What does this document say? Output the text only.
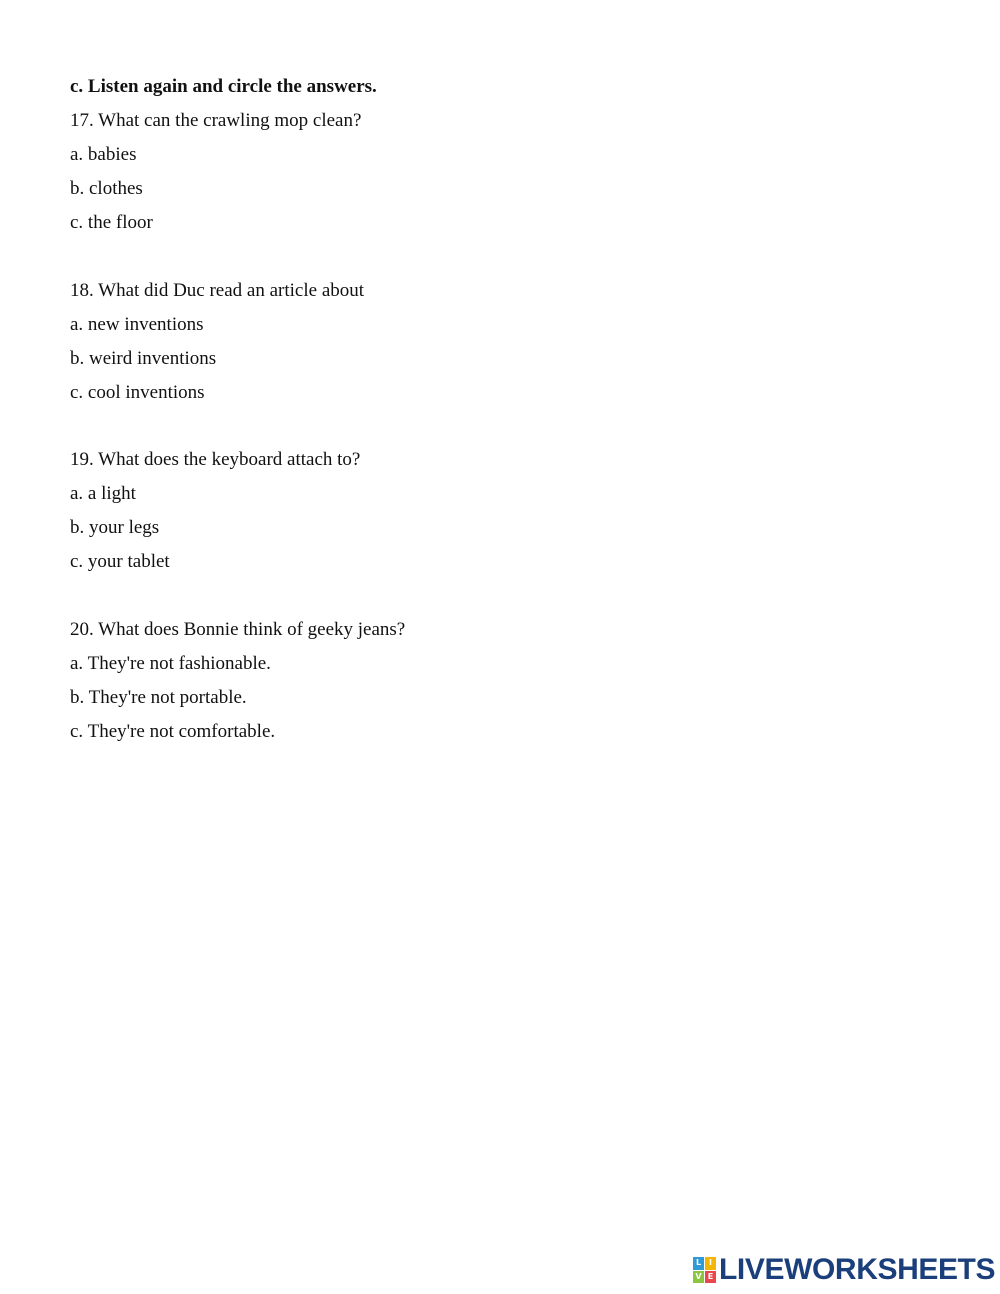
c. Listen again and circle the answers.
17. What can the crawling mop clean?
a. babies
b. clothes
c. the floor
18. What did Duc read an article about
a. new inventions
b. weird inventions
c. cool inventions
19. What does the keyboard attach to?
a. a light
b. your legs
c. your tablet
20. What does Bonnie think of geeky jeans?
a. They're not fashionable.
b. They're not portable.
c. They're not comfortable.
L I
V E LIVEWORKSHEETS
